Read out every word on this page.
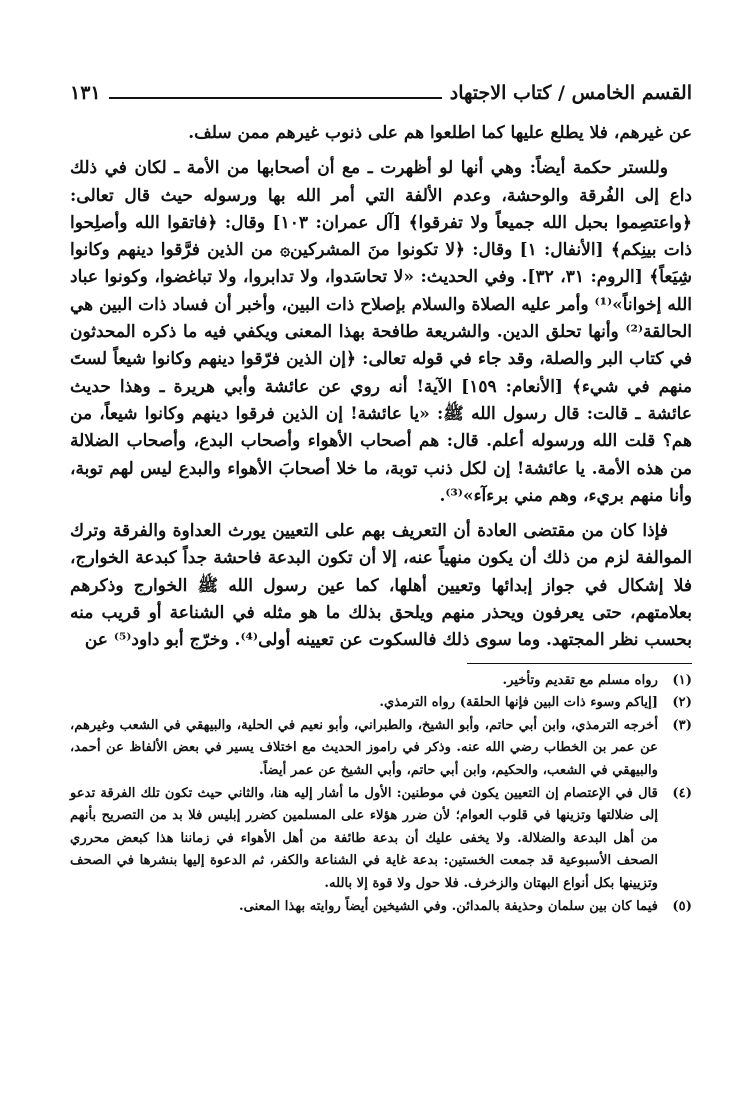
القسم الخامس / كتاب الاجتهاد
١٣١

عن غيرهم، فلا يطلع عليها كما اطلعوا هم على ذنوب غيرهم ممن سلف.

وللستر حكمة أيضاً: وهي أنها لو أظهرت ـ مع أن أصحابها من الأمة ـ لكان في ذلك داع إلى الفُرقة والوحشة، وعدم الألفة التي أمر الله بها ورسوله حيث قال تعالى: ﴿واعتصِموا بحبل الله جميعاً ولا تفرقوا﴾ [آل عمران: ١٠٣] وقال: ﴿فاتقوا الله وأصلِحوا ذات بينِكم﴾ [الأنفال: ١] وقال: ﴿لا تكونوا منَ المشركين۞ من الذين فرَّقوا دينهم وكانوا شِيَعاً﴾ [الروم: ٣١، ٣٢]. وفي الحديث: «لا تحاسَدوا، ولا تدابروا، ولا تباغضوا، وكونوا عباد الله إخواناً»⁽¹⁾ وأمر عليه الصلاة والسلام بإصلاح ذات البين، وأخبر أن فساد ذات البين هي الحالقة⁽²⁾ وأنها تحلق الدين. والشريعة طافحة بهذا المعنى ويكفي فيه ما ذكره المحدثون في كتاب البر والصلة، وقد جاء في قوله تعالى: ﴿إن الذين فرّقوا دينهم وكانوا شيعاً لستَ منهم في شيء﴾ [الأنعام: ١٥٩] الآية! أنه روي عن عائشة وأبي هريرة ـ وهذا حديث عائشة ـ قالت: قال رسول الله ﷺ: «يا عائشة! إن الذين فرقوا دينهم وكانوا شيعاً، من هم؟ قلت الله ورسوله أعلم. قال: هم أصحاب الأهواء وأصحاب البدع، وأصحاب الضلالة من هذه الأمة. يا عائشة! إن لكل ذنب توبة، ما خلا أصحابَ الأهواء والبدع ليس لهم توبة، وأنا منهم بريء، وهم مني برءآء»⁽³⁾.

فإذا كان من مقتضى العادة أن التعريف بهم على التعيين يورث العداوة والفرقة وترك الموالفة لزم من ذلك أن يكون منهياً عنه، إلا أن تكون البدعة فاحشة جداً كبدعة الخوارج، فلا إشكال في جواز إبدائها وتعيين أهلها، كما عين رسول الله ﷺ الخوارج وذكرهم بعلامتهم، حتى يعرفون ويحذر منهم ويلحق بذلك ما هو مثله في الشناعة أو قريب منه بحسب نظر المجتهد. وما سوى ذلك فالسكوت عن تعيينه أولى⁽⁴⁾. وخرّج أبو داود⁽⁵⁾ عن

(١)
رواه مسلم مع تقديم وتأخير.
(٢)
[إياكم وسوء ذات البين فإنها الحلقة) رواه الترمذي.
(٣)
أخرجه الترمذي، وابن أبي حاتم، وأبو الشيخ، والطبراني، وأبو نعيم في الحلية، والبيهقي في الشعب وغيرهم، عن عمر بن الخطاب رضي الله عنه. وذكر في راموز الحديث مع اختلاف يسير في بعض الألفاظ عن أحمد، والبيهقي في الشعب، والحكيم، وابن أبي حاتم، وأبي الشيخ عن عمر أيضاً.
(٤)
قال في الإعتصام إن التعيين يكون في موطنين: الأول ما أشار إليه هنا، والثاني حيث تكون تلك الفرقة تدعو إلى ضلالتها وتزينها في قلوب العوام؛ لأن ضرر هؤلاء على المسلمين كضرر إبليس فلا بد من التصريح بأنهم من أهل البدعة والضلالة. ولا يخفى عليك أن بدعة طائفة من أهل الأهواء في زماننا هذا كبعض محرري الصحف الأسبوعية قد جمعت الخستين: بدعة غاية في الشناعة والكفر، ثم الدعوة إليها بنشرها في الصحف وتزيينها بكل أنواع البهتان والزخرف. فلا حول ولا قوة إلا بالله.
(٥)
فيما كان بين سلمان وحذيفة بالمدائن. وفي الشيخين أيضاً روايته بهذا المعنى.
